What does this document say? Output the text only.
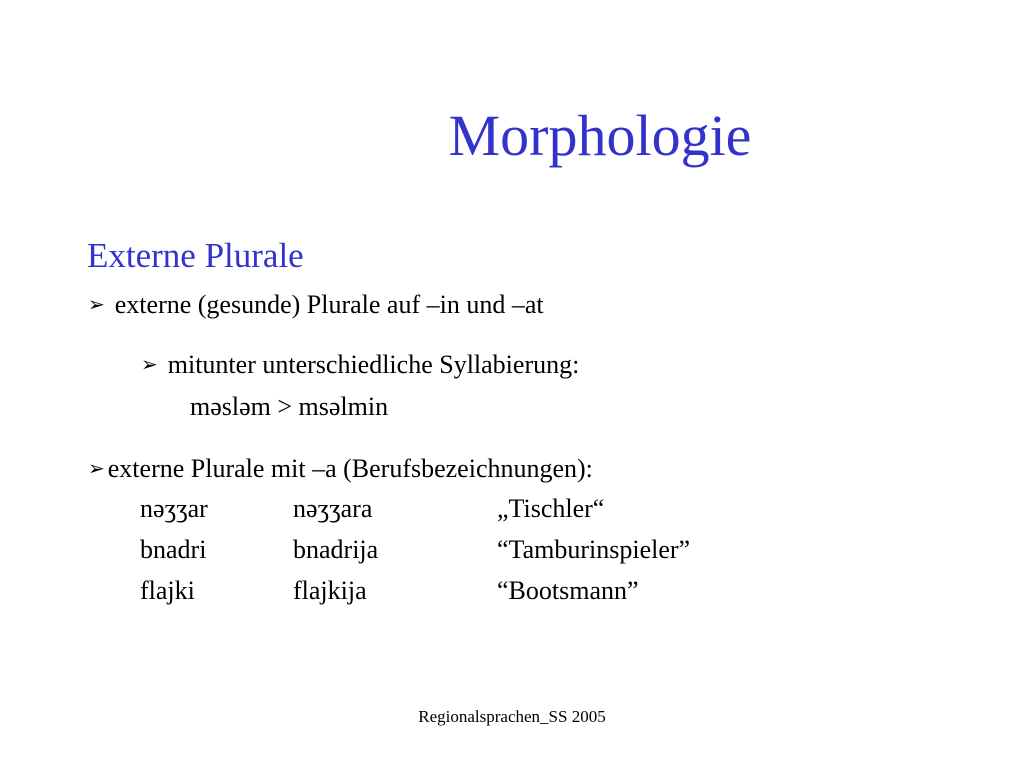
Morphologie
Externe Plurale
➢ externe (gesunde) Plurale auf –in und –at
➢ mitunter unterschiedliche Syllabierung:
məsləm > msəlmin
➢ externe Plurale mit –a (Berufsbezeichnungen):
nəʒʒar	nəʒʒara	„Tischler“
bnadri	bnadrija	“Tamburinspieler”
flajki	flajkija	“Bootsmann”
Regionalsprachen_SS 2005
